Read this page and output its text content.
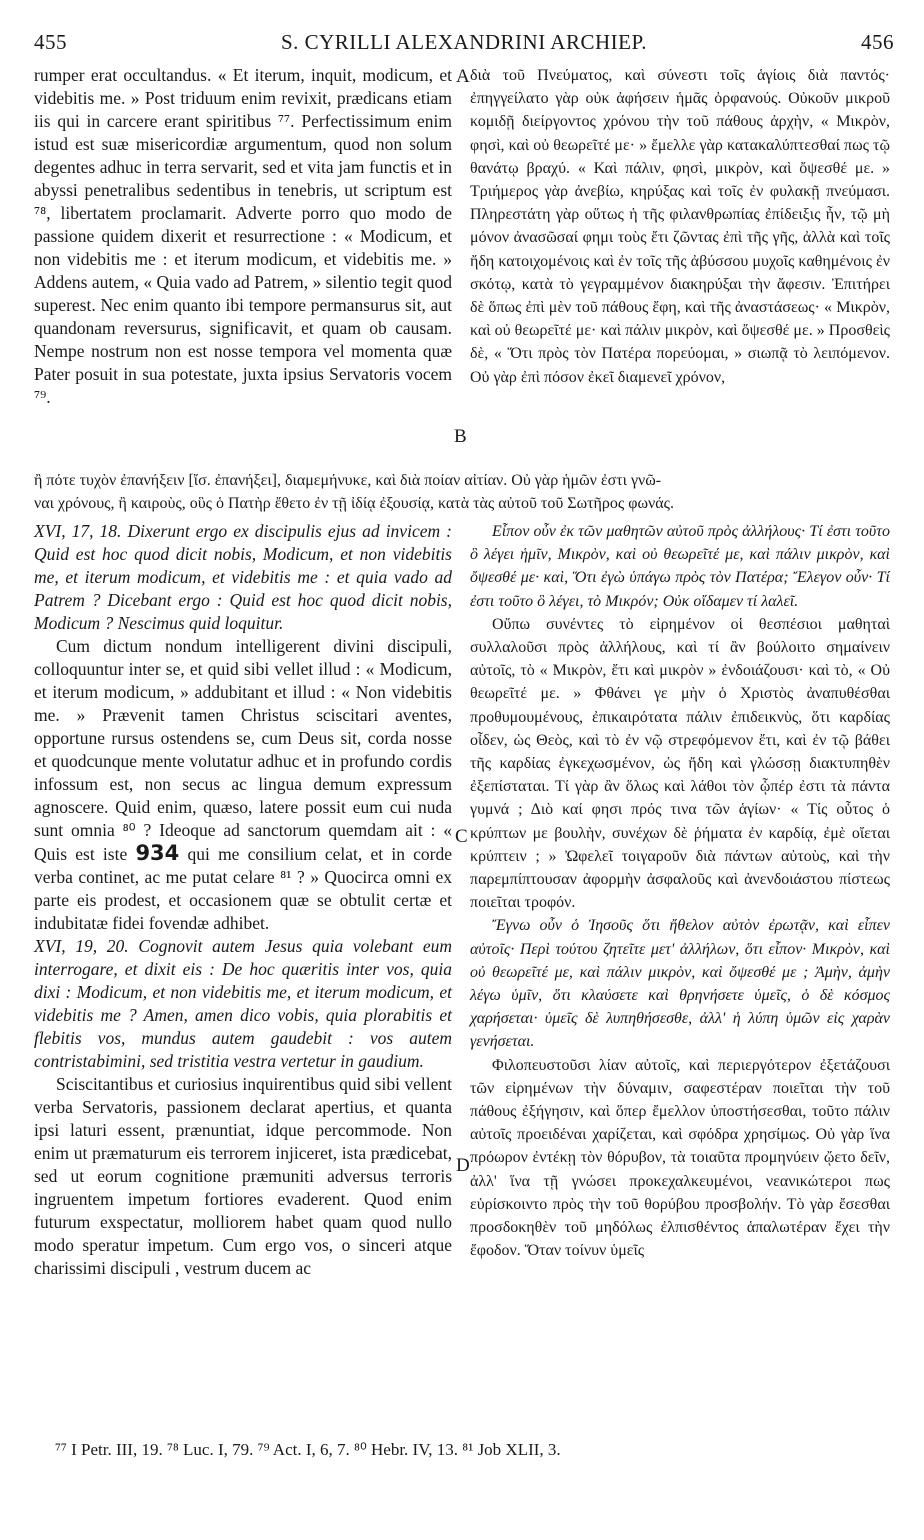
455	S. CYRILLI ALEXANDRINI ARCHIEP.	456
rumper erat occultandus. « Et iterum, inquit, modicum, et videbitis me. » Post triduum enim revixit, prædicans etiam iis qui in carcere erant spiritibus ⁷⁷. Perfectissimum enim istud est suæ misericordiæ argumentum, quod non solum degentes adhuc in terra servarit, sed et vita jam functis et in abyssi penetralibus sedentibus in tenebris, ut scriptum est ⁷⁸, libertatem proclamarit. Adverte porro quo modo de passione quidem dixerit et resurrectione : « Modicum, et non videbitis me : et iterum modicum, et videbitis me. » Addens autem, « Quia vado ad Patrem, » silentio tegit quod superest. Nec enim quanto ibi tempore permansurus sit, aut quandonam reversurus, significavit, et quam ob causam. Nempe nostrum non est nosse tempora vel momenta quæ Pater posuit in sua potestate, juxta ipsius Servatoris vocem ⁷⁹.
διὰ τοῦ Πνεύματος, καὶ σύνεστι τοῖς ἁγίοις διὰ παντός· ἐπηγγείλατο γὰρ οὐκ ἀφήσειν ἡμᾶς ὀρφανούς. Οὐκοῦν μικροῦ κομιδῇ διείργοντος χρόνου τὴν τοῦ πάθους ἀρχὴν, « Μικρὸν, φησὶ, καὶ οὐ θεωρεῖτέ με· » ἔμελλε γὰρ κατακαλύπτεσθαί πως τῷ θανάτῳ βραχύ. « Καὶ πάλιν, φησὶ, μικρὸν, καὶ ὄψεσθέ με. » Τριήμερος γὰρ ἀνεβίω, κηρύξας καὶ τοῖς ἐν φυλακῇ πνεύμασι. Πληρεστάτη γὰρ οὕτως ἡ τῆς φιλανθρωπίας ἐπίδειξις ἦν, τῷ μὴ μόνον ἀνασῶσαί φημι τοὺς ἔτι ζῶντας ἐπὶ τῆς γῆς, ἀλλὰ καὶ τοῖς ἤδη κατοιχομένοις καὶ ἐν τοῖς τῆς ἀβύσσου μυχοῖς καθημένοις ἐν σκότῳ, κατὰ τὸ γεγραμμένον διακηρύξαι τὴν ἄφεσιν. Ἐπιτήρει δὲ ὅπως ἐπὶ μὲν τοῦ πάθους ἔφη, καὶ τῆς ἀναστάσεως· « Μικρὸν, καὶ οὐ θεωρεῖτέ με· καὶ πάλιν μικρὸν, καὶ ὄψεσθέ με. » Προσθεὶς δὲ, « Ὅτι πρὸς τὸν Πατέρα πορεύομαι, » σιωπᾷ τὸ λειπόμενον. Οὐ γὰρ ἐπὶ πόσον ἐκεῖ διαμενεῖ χρόνον,
ἢ πότε τυχὸν ἐπανήξειν [ἴσ. ἐπανήξει], διαμεμήνυκε, καὶ διὰ ποίαν αἰτίαν. Οὐ γὰρ ἡμῶν ἐστι γνῶ-
ναι χρόνους, ἢ καιροὺς, οὓς ὁ Πατὴρ ἔθετο ἐν τῇ ἰδίᾳ ἐξουσίᾳ, κατὰ τὰς αὐτοῦ τοῦ Σωτῆρος φωνάς.
XVI, 17, 18. Dixerunt ergo ex discipulis ejus ad invicem : Quid est hoc quod dicit nobis, Modicum, et non videbitis me, et iterum modicum, et videbitis me : et quia vado ad Patrem ? Dicebant ergo : Quid est hoc quod dicit nobis, Modicum ? Nescimus quid loquitur.
Cum dictum nondum intelligerent divini discipuli, colloquuntur inter se, et quid sibi vellet illud : « Modicum, et iterum modicum, » addubitant et illud : « Non videbitis me. » Prævenit tamen Christus sciscitari aventes, opportune rursus ostendens se, cum Deus sit, corda nosse et quodcunque mente volutatur adhuc et in profundo cordis infossum est, non secus ac lingua demum expressum agnoscere. Quid enim, quæso, latere possit eum cui nuda sunt omnia ⁸⁰ ? Ideoque ad sanctorum quemdam ait : « Quis est iste 934 qui me consilium celat, et in corde verba continet, ac me putat celare ⁸¹ ? » Quocirca omni ex parte eis prodest, et occasionem quæ se obtulit certæ et indubitatæ fidei fovendæ adhibet.
XVI, 19, 20. Cognovit autem Jesus quia volebant eum interrogare, et dixit eis : De hoc quæritis inter vos, quia dixi : Modicum, et non videbitis me, et iterum modicum, et videbitis me ? Amen, amen dico vobis, quia plorabitis et flebitis vos, mundus autem gaudebit : vos autem contristabimini, sed tristitia vestra vertetur in gaudium.
Sciscitantibus et curiosius inquirentibus quid sibi vellent verba Servatoris, passionem declarat apertius, et quanta ipsi laturi essent, prænuntiat, idque percommode. Non enim ut præmaturum eis terrorem injiceret, ista prædicebat, sed ut eorum cognitione præmuniti adversus terroris ingruentem impetum fortiores evaderent. Quod enim futurum exspectatur, molliorem habet quam quod nullo modo speratur impetum. Cum ergo vos, o sinceri atque charissimi discipuli , vestrum ducem ac
Εἶπον οὖν ἐκ τῶν μαθητῶν αὐτοῦ πρὸς ἀλλήλους· Τί ἐστι τοῦτο ὃ λέγει ἡμῖν, Μικρὸν, καὶ οὐ θεωρεῖτέ με, καὶ πάλιν μικρὸν, καὶ ὄψεσθέ με· καὶ, Ὅτι ἐγὼ ὑπάγω πρὸς τὸν Πατέρα; Ἔλεγον οὖν· Τί ἐστι τοῦτο ὃ λέγει, τὸ Μικρόν; Οὐκ οἴδαμεν τί λαλεῖ.
Οὔπω συνέντες τὸ εἰρημένον οἱ θεσπέσιοι μαθηταὶ συλλαλοῦσι πρὸς ἀλλήλους, καὶ τί ἂν βούλοιτο σημαίνειν αὐτοῖς, τὸ « Μικρὸν, ἔτι καὶ μικρὸν » ἐνδοιάζουσι· καὶ τὸ, « Οὐ θεωρεῖτέ με. » Φθάνει γε μὴν ὁ Χριστὸς ἀναπυθέσθαι προθυμουμένους, ἐπικαιρότατα πάλιν ἐπιδεικνὺς, ὅτι καρδίας οἶδεν, ὡς Θεὸς, καὶ τὸ ἐν νῷ στρεφόμενον ἔτι, καὶ ἐν τῷ βάθει τῆς καρδίας ἐγκεχωσμένον, ὡς ἤδη καὶ γλώσσῃ διακτυπηθὲν ἐξεπίσταται. Τί γὰρ ἂν ὅλως καὶ λάθοι τὸν ᾧπέρ ἐστι τὰ πάντα γυμνά ; Διὸ καί φησι πρός τινα τῶν ἁγίων· « Τίς οὗτος ὁ κρύπτων με βουλὴν, συνέχων δὲ ῥήματα ἐν καρδίᾳ, ἐμὲ οἴεται κρύπτειν ; » Ὠφελεῖ τοιγαροῦν διὰ πάντων αὐτοὺς, καὶ τὴν παρεμπίπτουσαν ἀφορμὴν ἀσφαλοῦς καὶ ἀνενδοιάστου πίστεως ποιεῖται τροφόν.
Ἔγνω οὖν ὁ Ἰησοῦς ὅτι ἤθελον αὐτὸν ἐρωτᾷν, καὶ εἶπεν αὐτοῖς· Περὶ τούτου ζητεῖτε μετ' ἀλλήλων, ὅτι εἶπον· Μικρὸν, καὶ οὐ θεωρεῖτέ με, καὶ πάλιν μικρὸν, καὶ ὄψεσθέ με ; Ἀμὴν, ἀμὴν λέγω ὑμῖν, ὅτι κλαύσετε καὶ θρηνήσετε ὑμεῖς, ὁ δὲ κόσμος χαρήσεται· ὑμεῖς δὲ λυπηθήσεσθε, ἀλλ' ἡ λύπη ὑμῶν εἰς χαρὰν γενήσεται.
Φιλοπευστοῦσι λίαν αὐτοῖς, καὶ περιεργότερον ἐξετάζουσι τῶν εἰρημένων τὴν δύναμιν, σαφεστέραν ποιεῖται τὴν τοῦ πάθους ἐξήγησιν, καὶ ὅπερ ἔμελλον ὑποστήσεσθαι, τοῦτο πάλιν αὐτοῖς προειδέναι χαρίζεται, καὶ σφόδρα χρησίμως. Οὐ γὰρ ἵνα πρόωρον ἐντέκῃ τὸν θόρυβον, τὰ τοιαῦτα προμηνύειν ᾤετο δεῖν, ἀλλ' ἵνα τῇ γνώσει προκεχαλκευμένοι, νεανικώτεροι πως εὑρίσκοιντο πρὸς τὴν τοῦ θορύβου προσβολήν. Τὸ γὰρ ἔσεσθαι προσδοκηθὲν τοῦ μηδόλως ἐλπισθέντος ἁπαλωτέραν ἔχει τὴν ἔφοδον. Ὅταν τοίνυν ὑμεῖς
A
B
C
D
⁷⁷ I Petr. III, 19. ⁷⁸ Luc. I, 79. ⁷⁹ Act. I, 6, 7. ⁸⁰ Hebr. IV, 13. ⁸¹ Job XLII, 3.
